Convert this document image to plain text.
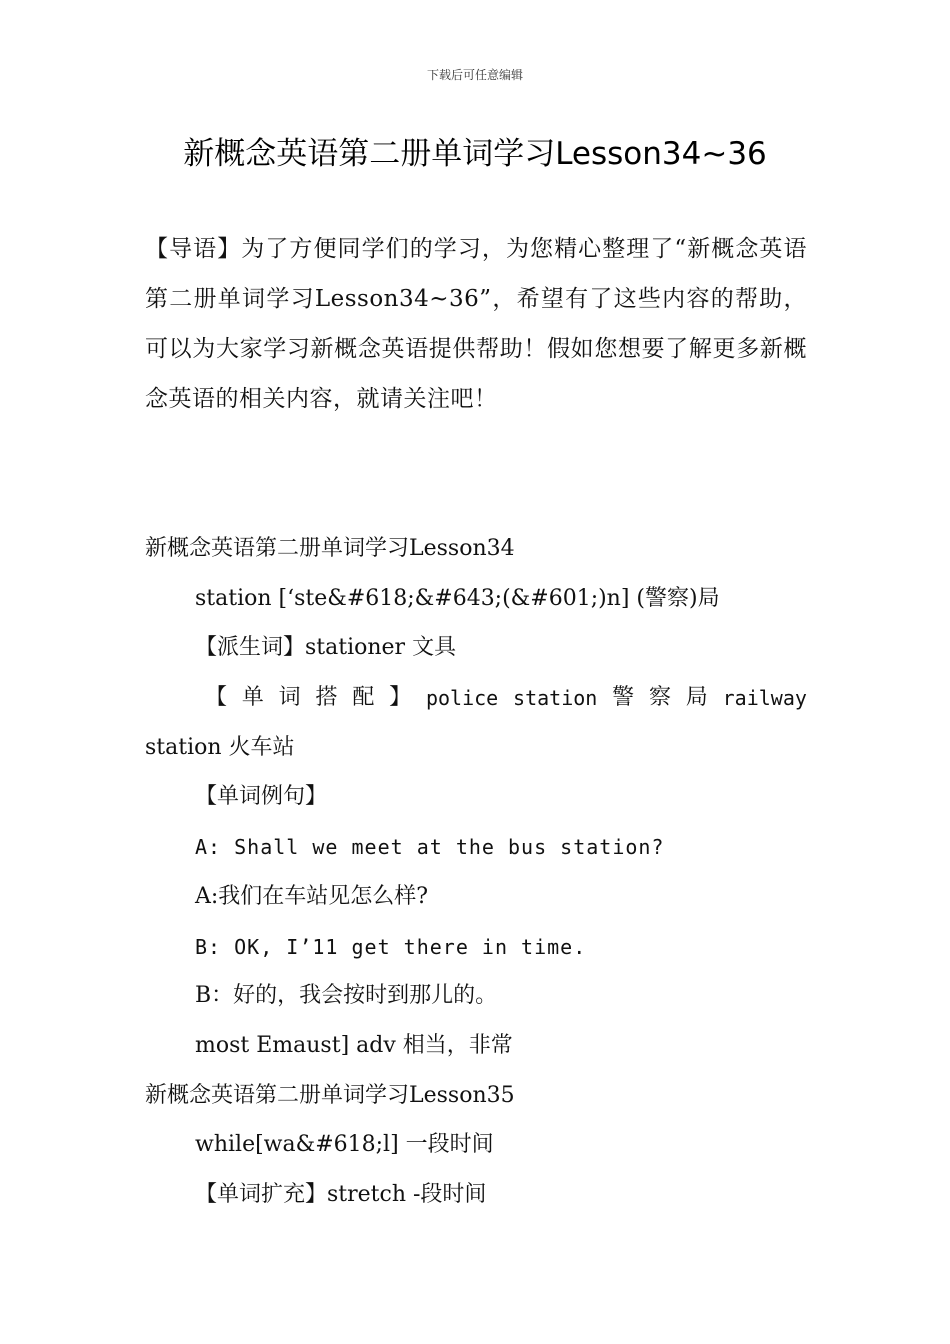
下载后可任意编辑
新概念英语第二册单词学习Lesson34~36
【导语】为了方便同学们的学习，为您精心整理了“新概念英语第二册单词学习Lesson34~36”，希望有了这些内容的帮助，可以为大家学习新概念英语提供帮助！假如您想要了解更多新概念英语的相关内容，就请关注吧！
新概念英语第二册单词学习Lesson34
station [‘ste&#618;&#643;(&#601;)n] (警察)局
【派生词】stationer 文具
【 单 词 搭 配 】 police station 警 察 局 railway
station 火车站
【单词例句】
A: Shall we meet at the bus station?
A:我们在车站见怎么样?
B: OK, I’11 get there in time.
B：好的，我会按时到那儿的。
most Emaust] adv 相当，非常
新概念英语第二册单词学习Lesson35
while[wa&#618;l] 一段时间
【单词扩充】stretch -段时间
